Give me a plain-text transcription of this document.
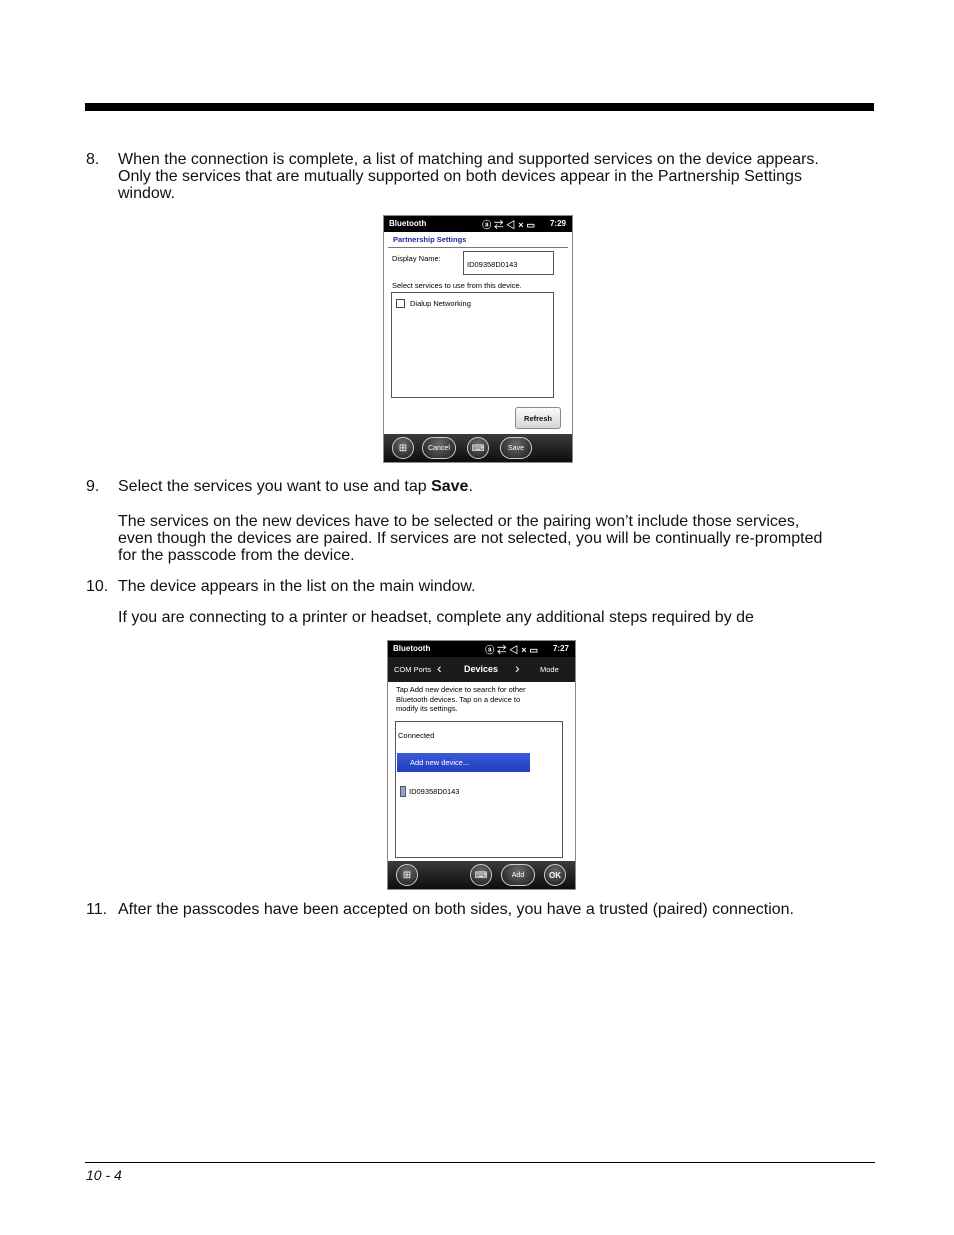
8. When the connection is complete, a list of matching and supported services on the device appears.
Only the services that are mutually supported on both devices appear in the Partnership Settings
window.
Bluetooth	ⓐ⇄◁×▭ 7:29
Partnership Settings
Display Name:
ID09358D0143
Select services to use from this device.
Dialup Networking
Refresh
⊞	Cancel	⌨	Save
9. Select the services you want to use and tap Save.
The services on the new devices have to be selected or the pairing won’t include those services,
even though the devices are paired. If services are not selected, you will be continually re-prompted
for the passcode from the device.
10. The device appears in the list on the main window.
If you are connecting to a printer or headset, complete any additional steps required by de
Bluetooth	ⓐ⇄◁×▭ 7:27
COM Ports ‹ Devices ›	Mode
Tap Add new device to search for other
Bluetooth devices. Tap on a device to
modify its settings.
Connected
Add new device...
ID09358D0143
⊞	⌨	Add	OK
11. After the passcodes have been accepted on both sides, you have a trusted (paired) connection.
10 - 4
